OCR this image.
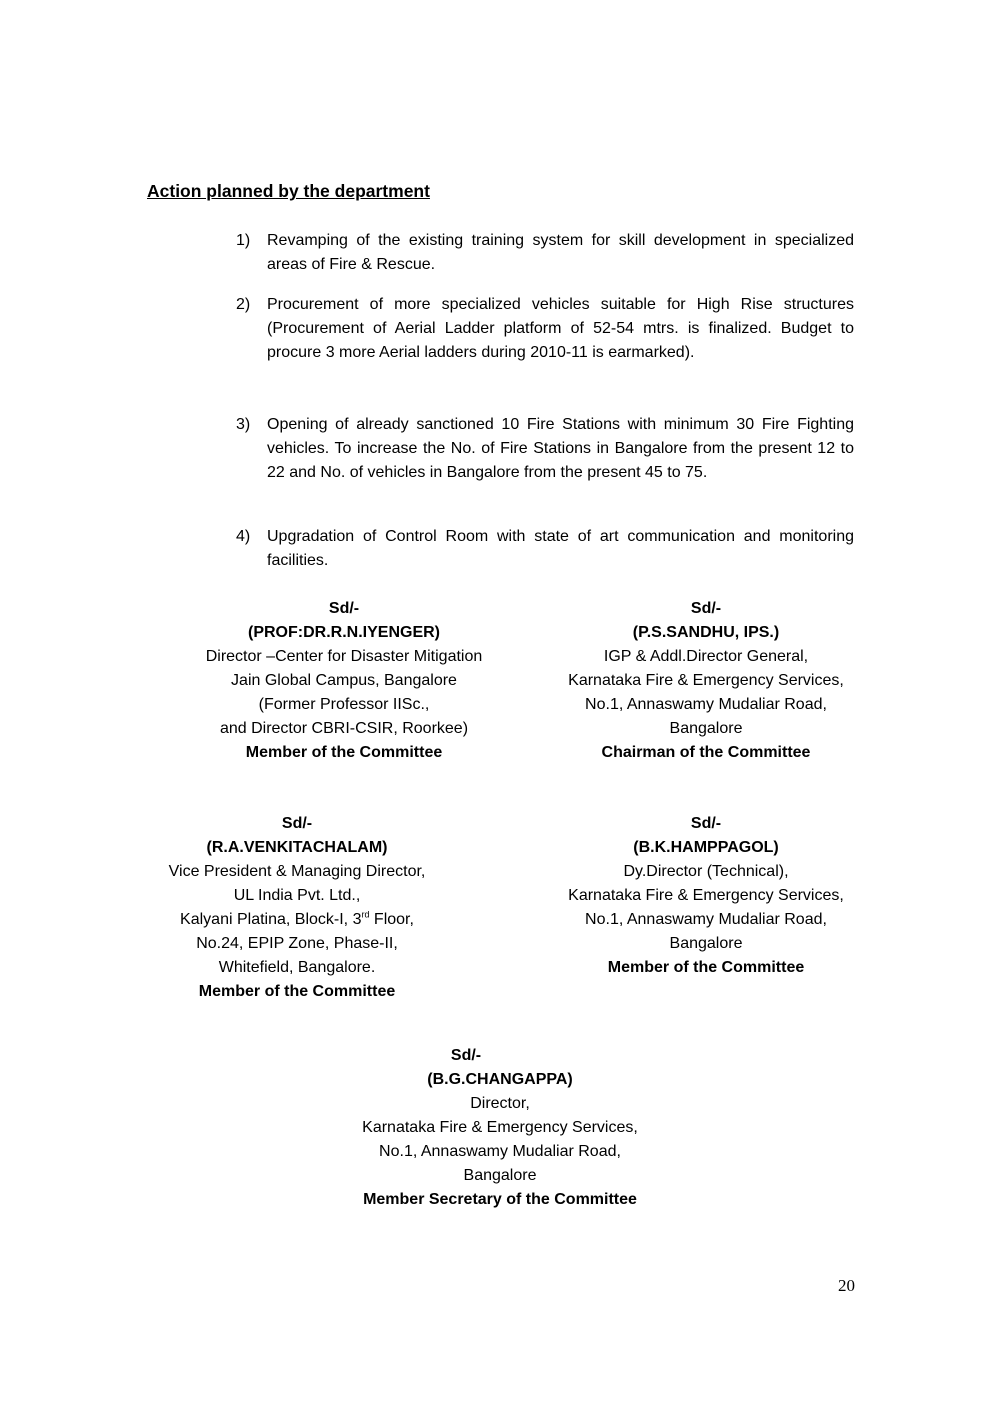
Action planned by the department
1) Revamping of the existing training system for skill development in specialized areas of Fire & Rescue.
2) Procurement of more specialized vehicles suitable for High Rise structures (Procurement of Aerial Ladder platform of 52-54 mtrs. is finalized. Budget to procure 3 more Aerial ladders during 2010-11 is earmarked).
3) Opening of already sanctioned 10 Fire Stations with minimum 30 Fire Fighting vehicles. To increase the No. of Fire Stations in Bangalore from the present 12 to 22 and No. of vehicles in Bangalore from the present 45 to 75.
4) Upgradation of Control Room with state of art communication and monitoring facilities.
Sd/-
(PROF:DR.R.N.IYENGER)
Director –Center for Disaster Mitigation
Jain Global Campus, Bangalore
(Former Professor IISc.,
and Director CBRI-CSIR, Roorkee)
Member of the Committee
Sd/-
(P.S.SANDHU, IPS.)
IGP & Addl.Director General,
Karnataka Fire & Emergency Services,
No.1, Annaswamy Mudaliar Road,
Bangalore
Chairman of the Committee
Sd/-
(R.A.VENKITACHALAM)
Vice President & Managing Director,
UL India Pvt. Ltd.,
Kalyani Platina, Block-I, 3rd Floor,
No.24, EPIP Zone, Phase-II,
Whitefield, Bangalore.
Member of the Committee
Sd/-
(B.K.HAMPPAGOL)
Dy.Director (Technical),
Karnataka Fire & Emergency Services,
No.1, Annaswamy Mudaliar Road,
Bangalore
Member of the Committee
Sd/-
(B.G.CHANGAPPA)
Director,
Karnataka Fire & Emergency Services,
No.1, Annaswamy Mudaliar Road,
Bangalore
Member Secretary of the Committee
20
